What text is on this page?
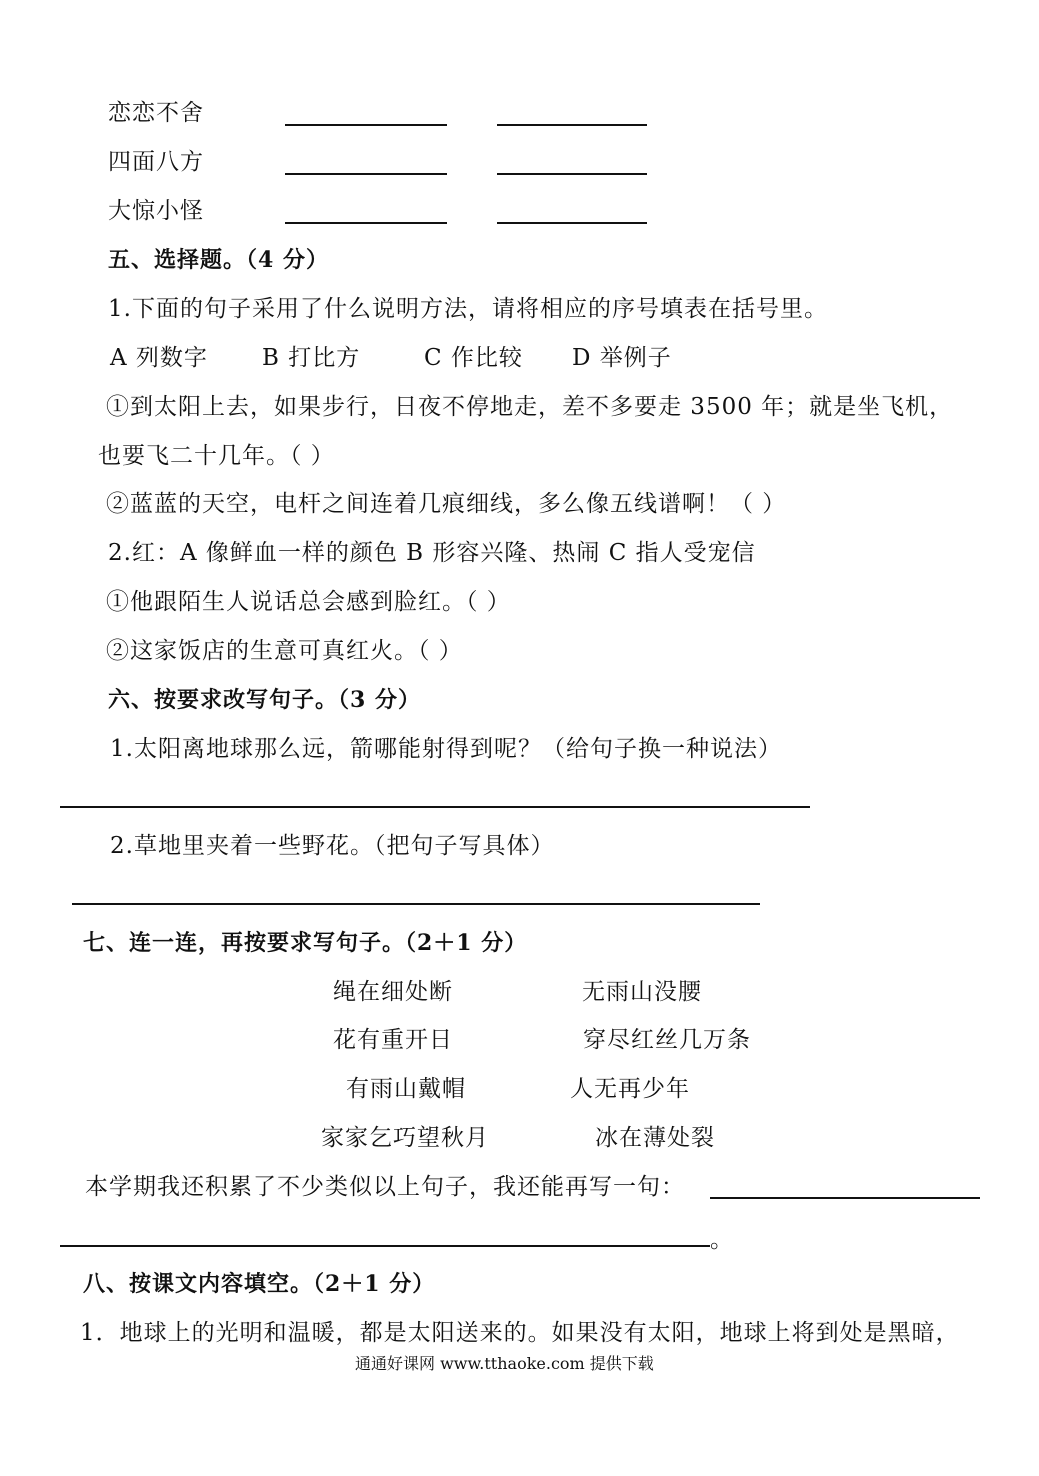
恋恋不舍
四面八方
大惊小怪
五、选择题。（4 分）
1.下面的句子采用了什么说明方法，请将相应的序号填表在括号里。
A 列数字 B 打比方	C 作比较 D 举例子
①到太阳上去，如果步行，日夜不停地走，差不多要走 3500 年；就是坐飞机，
也要飞二十几年。（ ）
②蓝蓝的天空，电杆之间连着几痕细线，多么像五线谱啊！（ ）
2.红：A 像鲜血一样的颜色 B 形容兴隆、热闹 C 指人受宠信
①他跟陌生人说话总会感到脸红。（ ）
②这家饭店的生意可真红火。（ ）
六、按要求改写句子。（3 分）
1.太阳离地球那么远，箭哪能射得到呢？（给句子换一种说法）
2.草地里夹着一些野花。（把句子写具体）
七、连一连，再按要求写句子。（2＋1 分）
绳在细处断	无雨山没腰
花有重开日	穿尽红丝几万条
有雨山戴帽	人无再少年
家家乞巧望秋月	冰在薄处裂
本学期我还积累了不少类似以上句子，我还能再写一句：
。
八、按课文内容填空。（2＋1 分）
1．地球上的光明和温暖，都是太阳送来的。如果没有太阳，地球上将到处是黑暗，
通通好课网 www.tthaoke.com 提供下载
